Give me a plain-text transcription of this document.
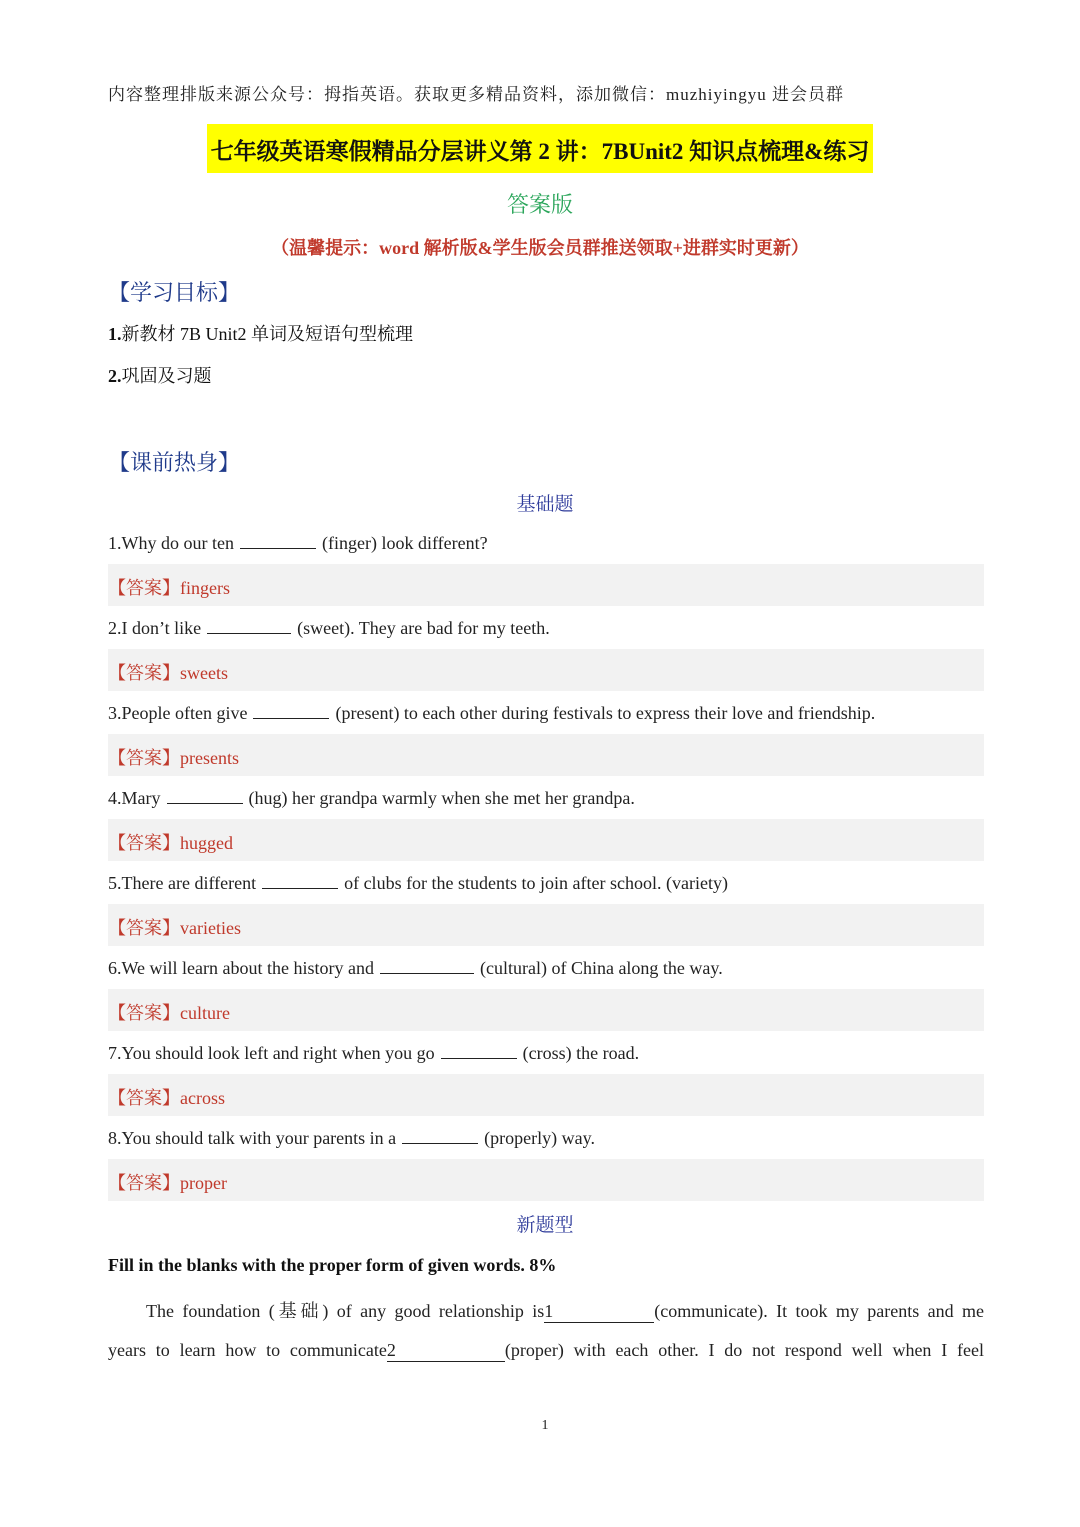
内容整理排版来源公众号：拇指英语。获取更多精品资料，添加微信：muzhiyingyu 进会员群
七年级英语寒假精品分层讲义第 2 讲：7BUnit2 知识点梳理&练习
答案版
（温馨提示：word 解析版&学生版会员群推送领取+进群实时更新）
【学习目标】
1.新教材 7B Unit2 单词及短语句型梳理
2.巩固及习题
【课前热身】
基础题
1.Why do our ten	(finger) look different?
【答案】fingers
2.I don’t like	(sweet). They are bad for my teeth.
【答案】sweets
3.People often give	(present) to each other during festivals to express their love and friendship.
【答案】presents
4.Mary	(hug) her grandpa warmly when she met her grandpa.
【答案】hugged
5.There are different	of clubs for the students to join after school. (variety)
【答案】varieties
6.We will learn about the history and	(cultural) of China along the way.
【答案】culture
7.You should look left and right when you go	(cross) the road.
【答案】across
8.You should talk with your parents in a	(properly) way.
【答案】proper
新题型
Fill in the blanks with the proper form of given words. 8%
The foundation (基础) of any good relationship is1	(communicate). It took my parents and me
years to learn how to communicate2	(proper) with each other. I do not respond well when I feel
1
